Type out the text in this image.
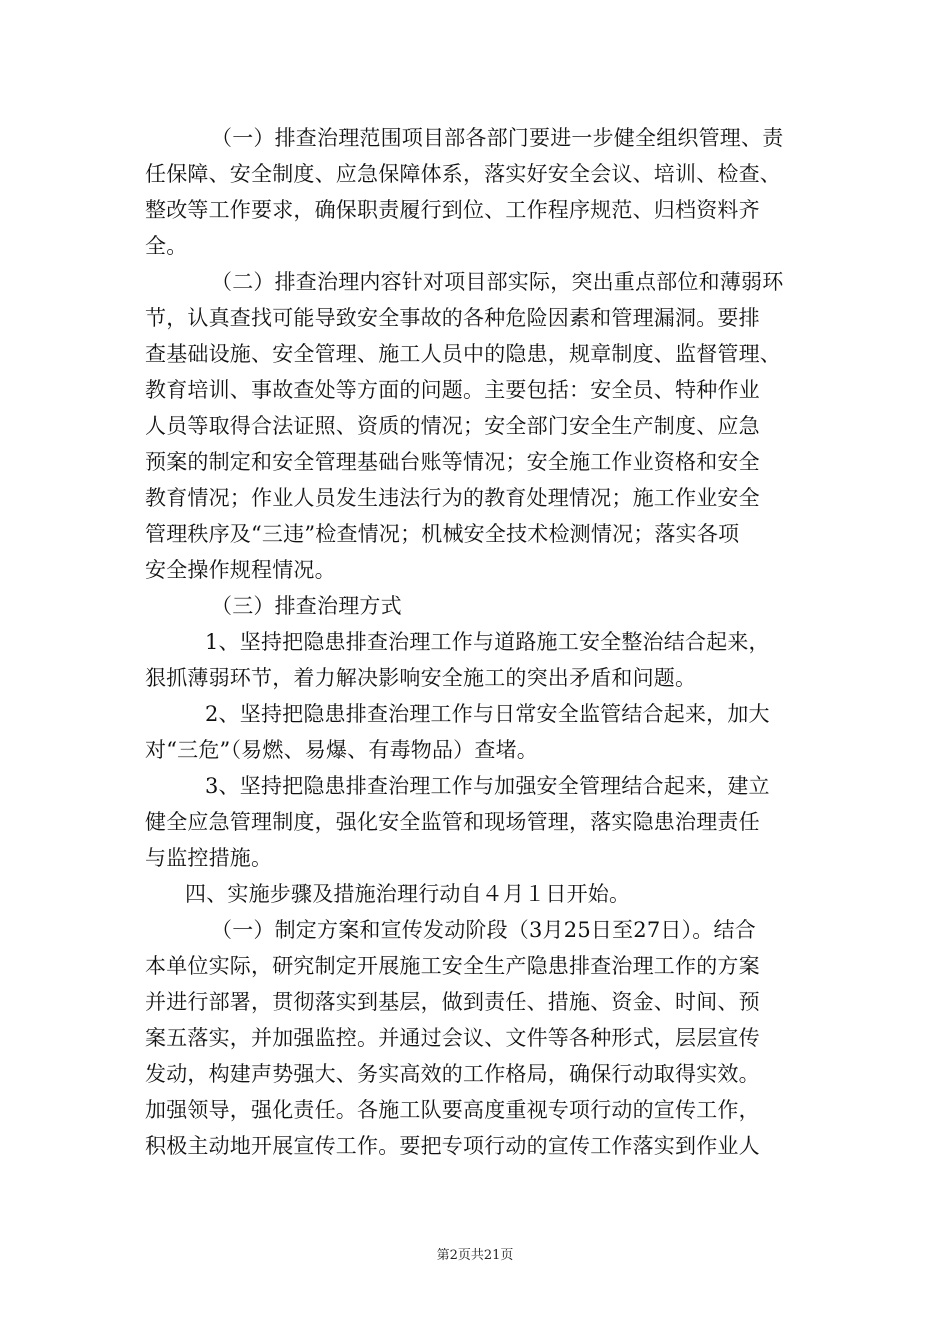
（一）排查治理范围项目部各部门要进一步健全组织管理、责
任保障、安全制度、应急保障体系，落实好安全会议、培训、检查、
整改等工作要求，确保职责履行到位、工作程序规范、归档资料齐
全。
（二）排查治理内容针对项目部实际，突出重点部位和薄弱环
节，认真查找可能导致安全事故的各种危险因素和管理漏洞。要排
查基础设施、安全管理、施工人员中的隐患，规章制度、监督管理、
教育培训、事故查处等方面的问题。主要包括：安全员、特种作业
人员等取得合法证照、资质的情况；安全部门安全生产制度、应急
预案的制定和安全管理基础台账等情况；安全施工作业资格和安全
教育情况；作业人员发生违法行为的教育处理情况；施工作业安全
管理秩序及“三违”检查情况；机械安全技术检测情况；落实各项
安全操作规程情况。
（三）排查治理方式
1、坚持把隐患排查治理工作与道路施工安全整治结合起来，
狠抓薄弱环节，着力解决影响安全施工的突出矛盾和问题。
2、坚持把隐患排查治理工作与日常安全监管结合起来，加大
对“三危”（易燃、易爆、有毒物品）查堵。
3、坚持把隐患排查治理工作与加强安全管理结合起来，建立
健全应急管理制度，强化安全监管和现场管理，落实隐患治理责任
与监控措施。
四、实施步骤及措施治理行动自４月１日开始。
（一）制定方案和宣传发动阶段（3月25日至27日）。结合
本单位实际，研究制定开展施工安全生产隐患排查治理工作的方案
并进行部署，贯彻落实到基层，做到责任、措施、资金、时间、预
案五落实，并加强监控。并通过会议、文件等各种形式，层层宣传
发动，构建声势强大、务实高效的工作格局，确保行动取得实效。
加强领导，强化责任。各施工队要高度重视专项行动的宣传工作，
积极主动地开展宣传工作。要把专项行动的宣传工作落实到作业人
第2页共21页
